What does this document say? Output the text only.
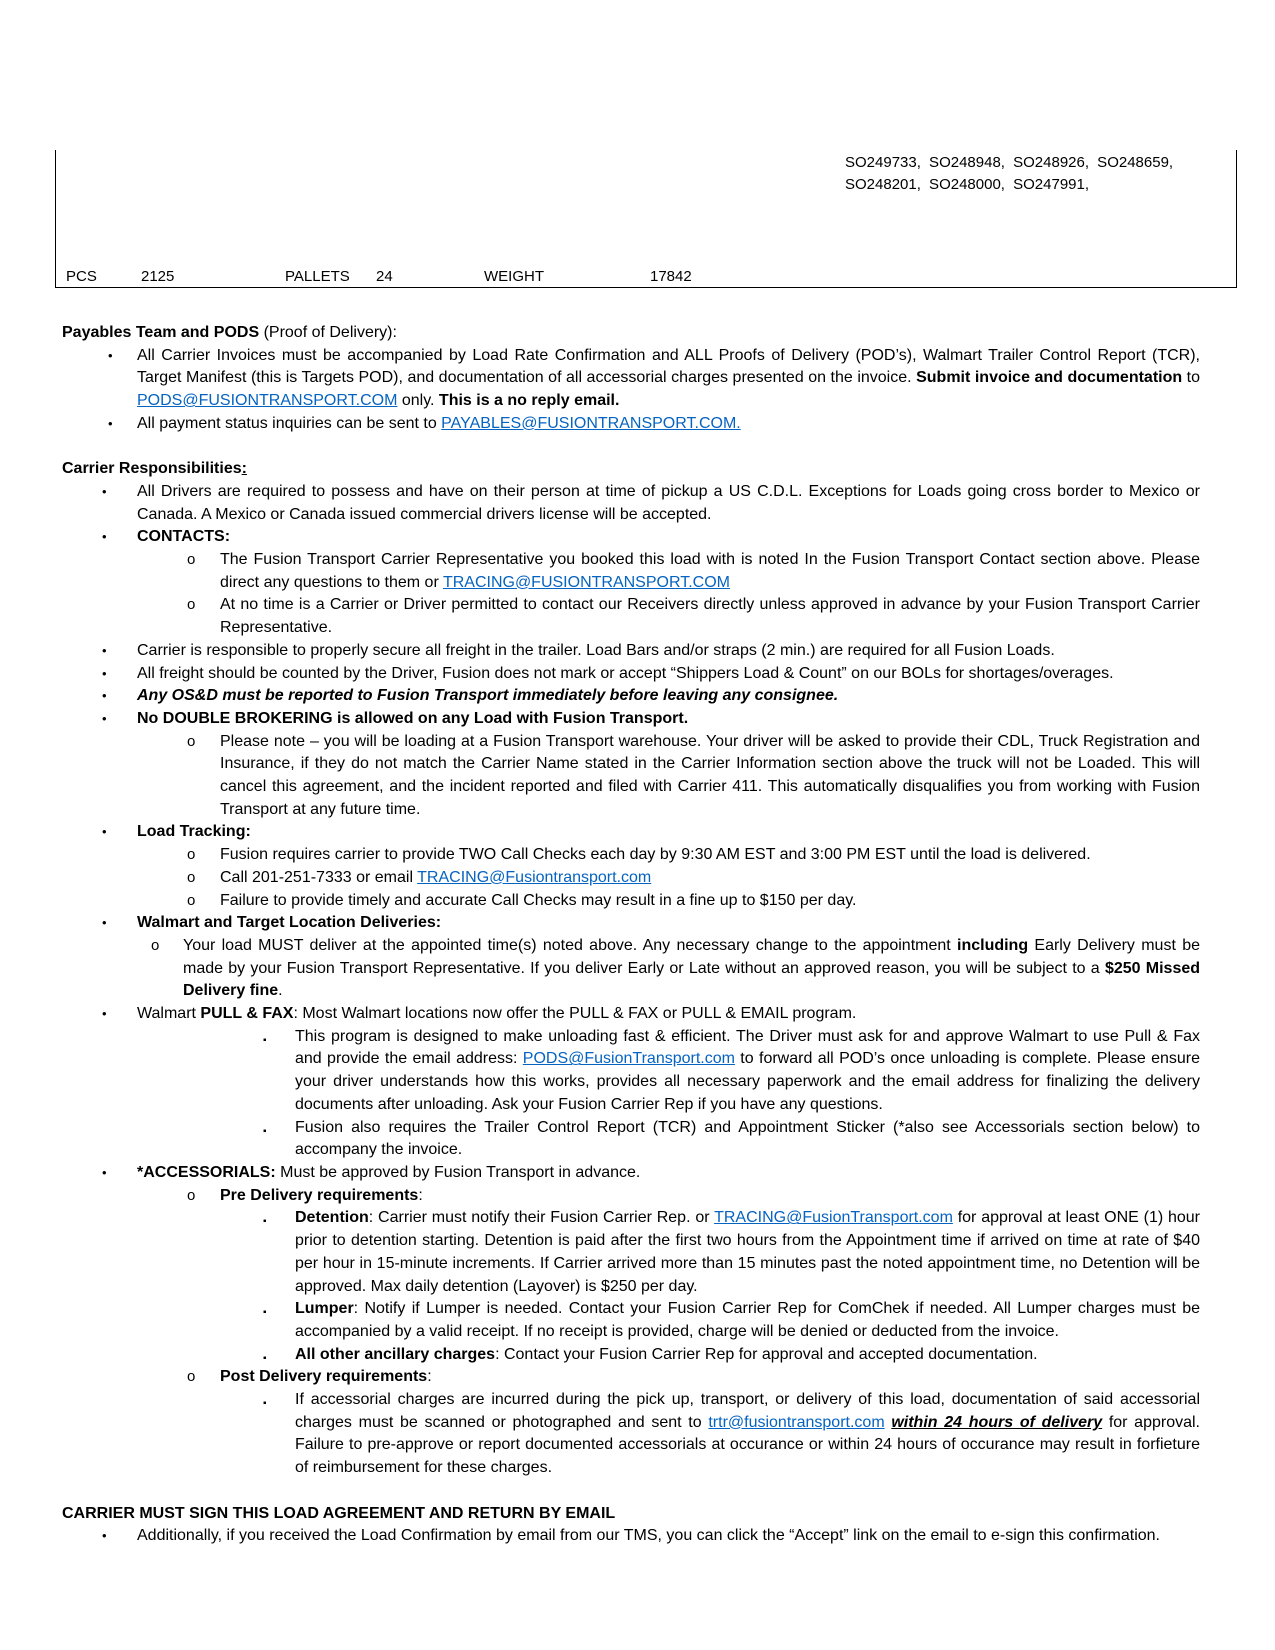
SO249733, SO248948, SO248926, SO248659, SO248201, SO248000, SO247991,
PCS	2125	PALLETS 24	WEIGHT	17842

Payables Team and PODS (Proof of Delivery):

• All Carrier Invoices must be accompanied by Load Rate Confirmation and ALL Proofs of Delivery (POD’s), Walmart Trailer Control Report (TCR), Target Manifest (this is Targets POD), and documentation of all accessorial charges presented on the invoice. Submit invoice and documentation to PODS@FUSIONTRANSPORT.COM only. This is a no reply email.
• All payment status inquiries can be sent to PAYABLES@FUSIONTRANSPORT.COM.

Carrier Responsibilities:

• All Drivers are required to possess and have on their person at time of pickup a US C.D.L. Exceptions for Loads going cross border to Mexico or Canada. A Mexico or Canada issued commercial drivers license will be accepted.
• CONTACTS:
o The Fusion Transport Carrier Representative you booked this load with is noted In the Fusion Transport Contact section above. Please direct any questions to them or TRACING@FUSIONTRANSPORT.COM
o At no time is a Carrier or Driver permitted to contact our Receivers directly unless approved in advance by your Fusion Transport Carrier Representative.
• Carrier is responsible to properly secure all freight in the trailer. Load Bars and/or straps (2 min.) are required for all Fusion Loads.
• All freight should be counted by the Driver, Fusion does not mark or accept “Shippers Load & Count” on our BOLs for shortages/overages.
• Any OS&D must be reported to Fusion Transport immediately before leaving any consignee.
• No DOUBLE BROKERING is allowed on any Load with Fusion Transport.
o Please note – you will be loading at a Fusion Transport warehouse. Your driver will be asked to provide their CDL, Truck Registration and Insurance, if they do not match the Carrier Name stated in the Carrier Information section above the truck will not be Loaded. This will cancel this agreement, and the incident reported and filed with Carrier 411. This automatically disqualifies you from working with Fusion Transport at any future time.
• Load Tracking:
o Fusion requires carrier to provide TWO Call Checks each day by 9:30 AM EST and 3:00 PM EST until the load is delivered.
o Call 201-251-7333 or email TRACING@Fusiontransport.com
o Failure to provide timely and accurate Call Checks may result in a fine up to $150 per day.
• Walmart and Target Location Deliveries:
o Your load MUST deliver at the appointed time(s) noted above. Any necessary change to the appointment including Early Delivery must be made by your Fusion Transport Representative. If you deliver Early or Late without an approved reason, you will be subject to a $250 Missed Delivery fine.
• Walmart PULL & FAX: Most Walmart locations now offer the PULL & FAX or PULL & EMAIL program.
▪ This program is designed to make unloading fast & efficient. The Driver must ask for and approve Walmart to use Pull & Fax and provide the email address: PODS@FusionTransport.com to forward all POD’s once unloading is complete. Please ensure your driver understands how this works, provides all necessary paperwork and the email address for finalizing the delivery documents after unloading. Ask your Fusion Carrier Rep if you have any questions.
▪ Fusion also requires the Trailer Control Report (TCR) and Appointment Sticker (*also see Accessorials section below) to accompany the invoice.
• *ACCESSORIALS: Must be approved by Fusion Transport in advance.
o Pre Delivery requirements:
▪ Detention: Carrier must notify their Fusion Carrier Rep. or TRACING@FusionTransport.com for approval at least ONE (1) hour prior to detention starting. Detention is paid after the first two hours from the Appointment time if arrived on time at rate of $40 per hour in 15-minute increments. If Carrier arrived more than 15 minutes past the noted appointment time, no Detention will be approved. Max daily detention (Layover) is $250 per day.
▪ Lumper: Notify if Lumper is needed. Contact your Fusion Carrier Rep for ComChek if needed. All Lumper charges must be accompanied by a valid receipt. If no receipt is provided, charge will be denied or deducted from the invoice.
▪ All other ancillary charges: Contact your Fusion Carrier Rep for approval and accepted documentation.
o Post Delivery requirements:
▪ If accessorial charges are incurred during the pick up, transport, or delivery of this load, documentation of said accessorial charges must be scanned or photographed and sent to trtr@fusiontransport.com within 24 hours of delivery for approval. Failure to pre-approve or report documented accessorials at occurance or within 24 hours of occurance may result in forfieture of reimbursement for these charges.

CARRIER MUST SIGN THIS LOAD AGREEMENT AND RETURN BY EMAIL

• Additionally, if you received the Load Confirmation by email from our TMS, you can click the “Accept” link on the email to e-sign this confirmation.
